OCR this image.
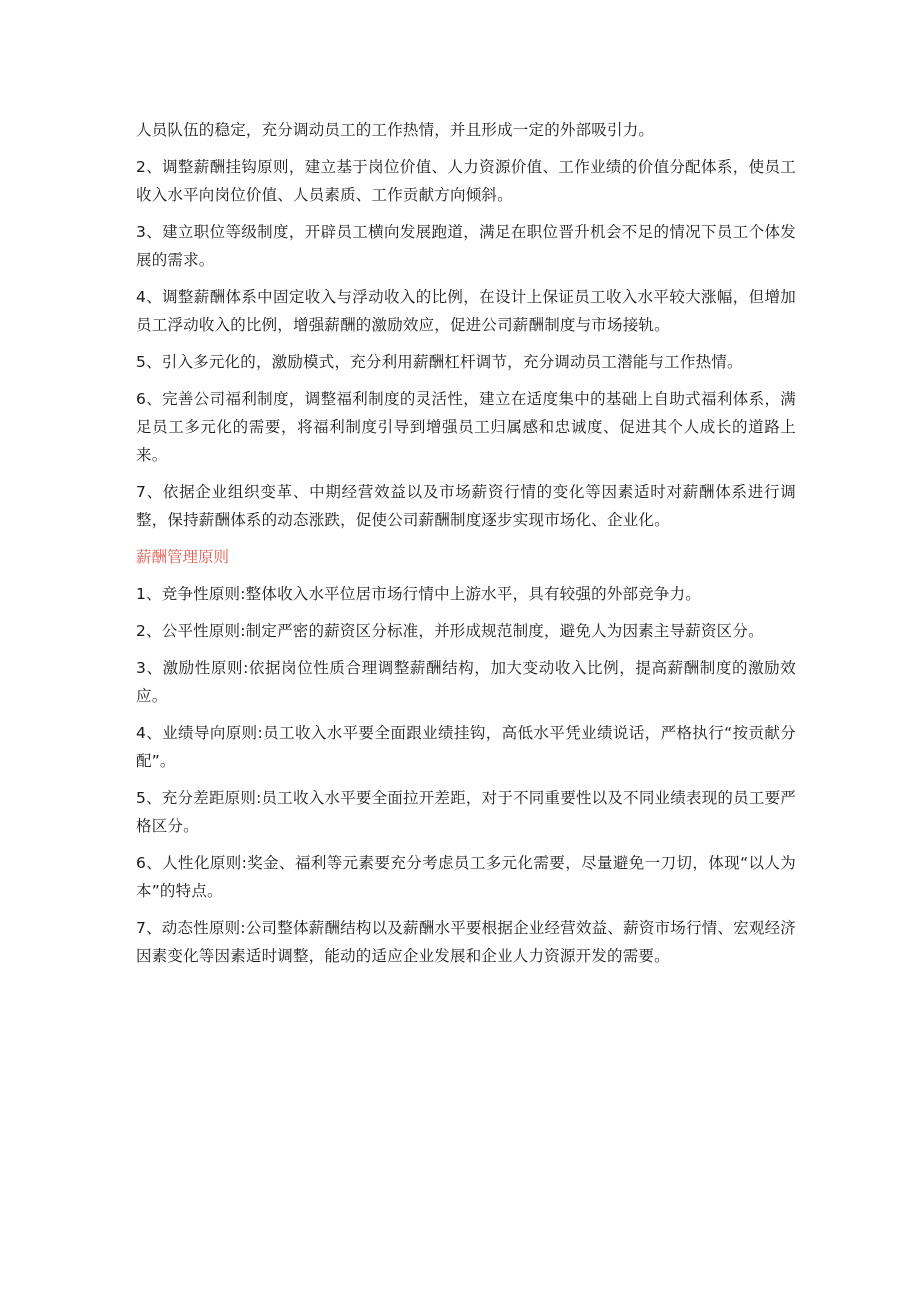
人员队伍的稳定，充分调动员工的工作热情，并且形成一定的外部吸引力。

2、调整薪酬挂钩原则，建立基于岗位价值、人力资源价值、工作业绩的价值分配体系，使员工收入水平向岗位价值、人员素质、工作贡献方向倾斜。

3、建立职位等级制度，开辟员工横向发展跑道，满足在职位晋升机会不足的情况下员工个体发展的需求。

4、调整薪酬体系中固定收入与浮动收入的比例，在设计上保证员工收入水平较大涨幅，但增加员工浮动收入的比例，增强薪酬的激励效应，促进公司薪酬制度与市场接轨。

5、引入多元化的，激励模式，充分利用薪酬杠杆调节，充分调动员工潜能与工作热情。

6、完善公司福利制度，调整福利制度的灵活性，建立在适度集中的基础上自助式福利体系，满足员工多元化的需要，将福利制度引导到增强员工归属感和忠诚度、促进其个人成长的道路上来。

7、依据企业组织变革、中期经营效益以及市场薪资行情的变化等因素适时对薪酬体系进行调整，保持薪酬体系的动态涨跌，促使公司薪酬制度逐步实现市场化、企业化。

薪酬管理原则

1、竞争性原则:整体收入水平位居市场行情中上游水平，具有较强的外部竞争力。

2、公平性原则:制定严密的薪资区分标准，并形成规范制度，避免人为因素主导薪资区分。

3、激励性原则:依据岗位性质合理调整薪酬结构，加大变动收入比例，提高薪酬制度的激励效应。

4、业绩导向原则:员工收入水平要全面跟业绩挂钩，高低水平凭业绩说话，严格执行“按贡献分配”。

5、充分差距原则:员工收入水平要全面拉开差距，对于不同重要性以及不同业绩表现的员工要严格区分。

6、人性化原则:奖金、福利等元素要充分考虑员工多元化需要，尽量避免一刀切，体现“以人为本”的特点。

7、动态性原则:公司整体薪酬结构以及薪酬水平要根据企业经营效益、薪资市场行情、宏观经济因素变化等因素适时调整，能动的适应企业发展和企业人力资源开发的需要。
